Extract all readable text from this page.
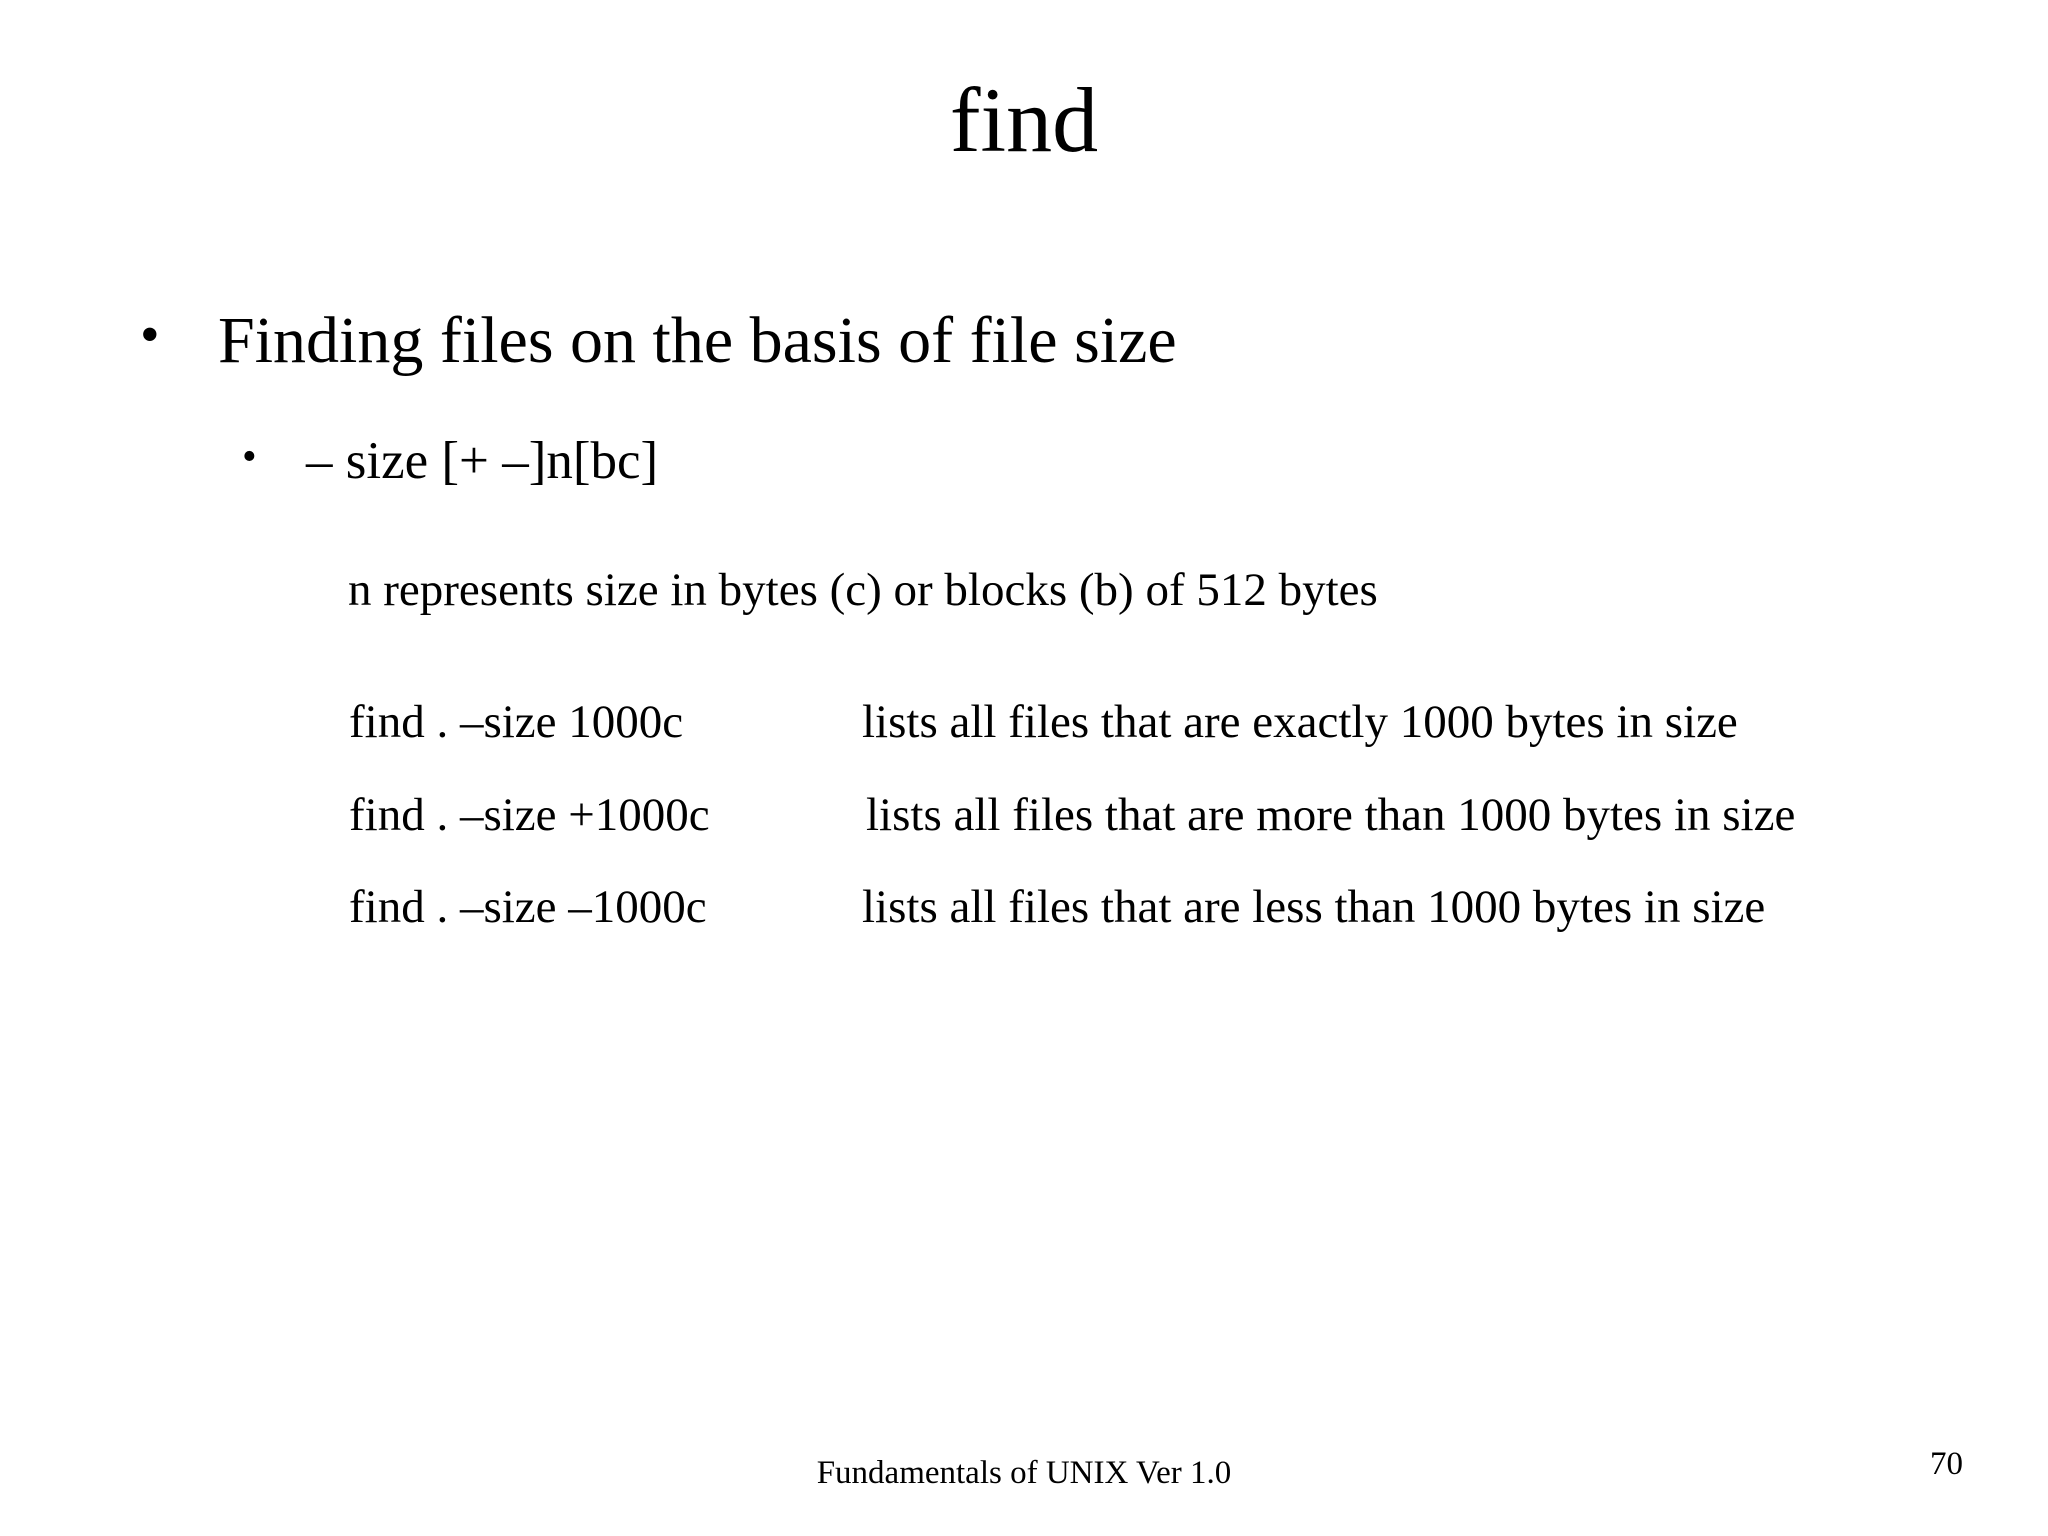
find
• Finding files on the basis of file size
• – size [+ –]n[bc]
n represents size in bytes (c) or blocks (b) of 512 bytes
find . –size 1000c	lists all files that are exactly 1000 bytes in size
find . –size +1000c	lists all files that are more than 1000 bytes in size
find . –size –1000c	lists all files that are less than 1000 bytes in size
Fundamentals of UNIX Ver 1.0	70
